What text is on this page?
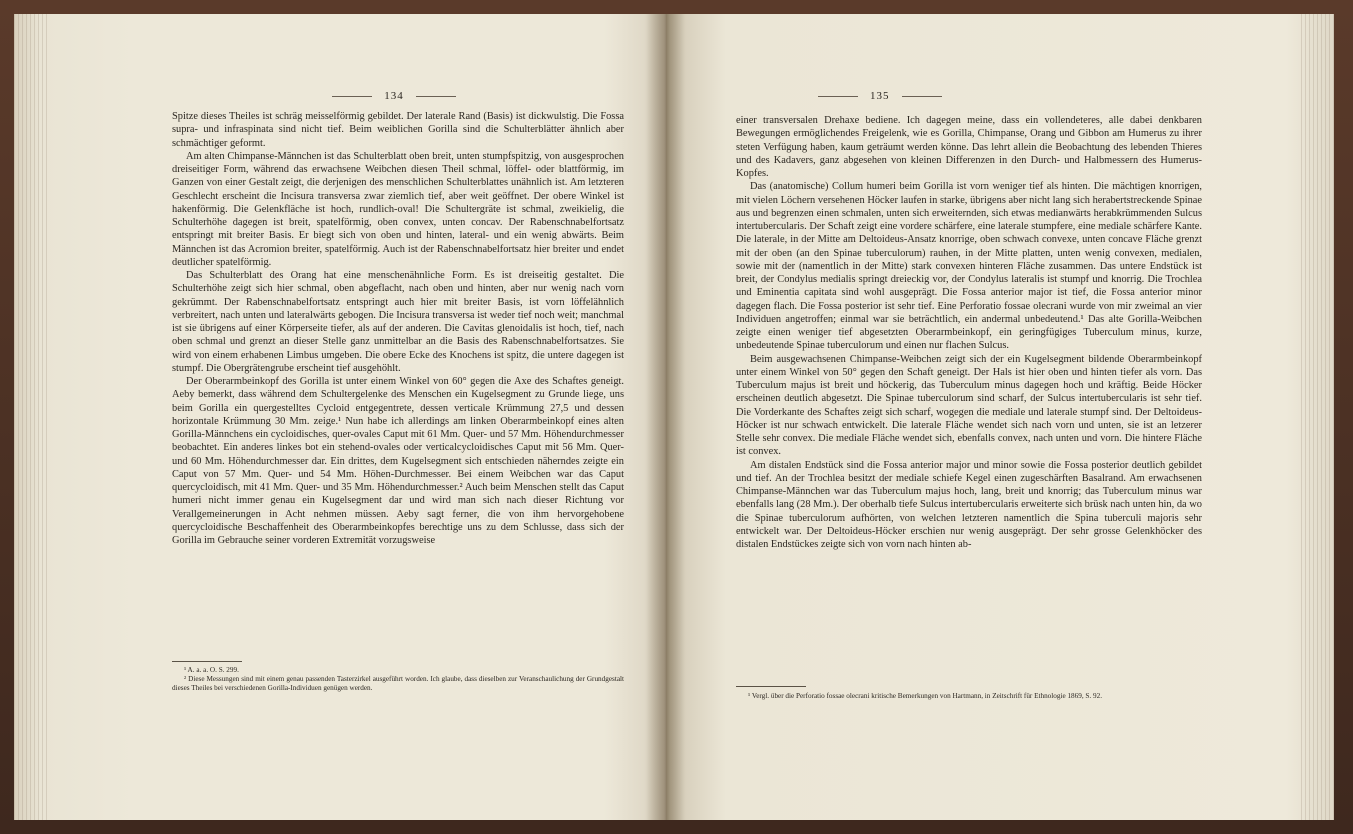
134

Spitze dieses Theiles ist schräg meisselförmig gebildet. Der laterale Rand (Basis) ist dickwulstig. Die Fossa supra- und infraspinata sind nicht tief. Beim weiblichen Gorilla sind die Schulterblätter ähnlich aber schmächtiger geformt.

Am alten Chimpanse-Männchen ist das Schulterblatt oben breit, unten stumpfspitzig, von ausgesprochen dreiseitiger Form, während das erwachsene Weibchen diesen Theil schmal, löffel- oder blattförmig, im Ganzen von einer Gestalt zeigt, die derjenigen des menschlichen Schulterblattes unähnlich ist. Am letzteren Geschlecht erscheint die Incisura transversa zwar ziemlich tief, aber weit geöffnet. Der obere Winkel ist hakenförmig. Die Gelenkfläche ist hoch, rundlich-oval! Die Schultergräte ist schmal, zweikielig, die Schulterhöhe dagegen ist breit, spatelförmig, oben convex, unten concav. Der Rabenschnabelfortsatz entspringt mit breiter Basis. Er biegt sich von oben und hinten, lateral- und ein wenig abwärts. Beim Männchen ist das Acromion breiter, spatelförmig. Auch ist der Rabenschnabelfortsatz hier breiter und endet deutlicher spatelförmig.

Das Schulterblatt des Orang hat eine menschenähnliche Form. Es ist dreiseitig gestaltet. Die Schulterhöhe zeigt sich hier schmal, oben abgeflacht, nach oben und hinten, aber nur wenig nach vorn gekrümmt. Der Rabenschnabelfortsatz entspringt auch hier mit breiter Basis, ist vorn löffelähnlich verbreitert, nach unten und lateralwärts gebogen. Die Incisura transversa ist weder tief noch weit; manchmal ist sie übrigens auf einer Körperseite tiefer, als auf der anderen. Die Cavitas glenoidalis ist hoch, tief, nach oben schmal und grenzt an dieser Stelle ganz unmittelbar an die Basis des Rabenschnabelfortsatzes. Sie wird von einem erhabenen Limbus umgeben. Die obere Ecke des Knochens ist spitz, die untere dagegen ist stumpf. Die Obergrätengrube erscheint tief ausgehöhlt.

Der Oberarmbeinkopf des Gorilla ist unter einem Winkel von 60° gegen die Axe des Schaftes geneigt. Aeby bemerkt, dass während dem Schultergelenke des Menschen ein Kugelsegment zu Grunde liege, uns beim Gorilla ein quergestelltes Cycloid entgegentrete, dessen verticale Krümmung 27,5 und dessen horizontale Krümmung 30 Mm. zeige.¹ Nun habe ich allerdings am linken Oberarmbeinkopf eines alten Gorilla-Männchens ein cycloidisches, quer-ovales Caput mit 61 Mm. Quer- und 57 Mm. Höhendurchmesser beobachtet. Ein anderes linkes bot ein stehend-ovales oder verticalcycloidisches Caput mit 56 Mm. Quer- und 60 Mm. Höhendurchmesser dar. Ein drittes, dem Kugelsegment sich entschieden näherndes zeigte ein Caput von 57 Mm. Quer- und 54 Mm. Höhen-Durchmesser. Bei einem Weibchen war das Caput quercycloidisch, mit 41 Mm. Quer- und 35 Mm. Höhendurchmesser.² Auch beim Menschen stellt das Caput humeri nicht immer genau ein Kugelsegment dar und wird man sich nach dieser Richtung vor Verallgemeinerungen in Acht nehmen müssen. Aeby sagt ferner, die von ihm hervorgehobene quercycloidische Beschaffenheit des Oberarmbeinkopfes berechtige uns zu dem Schlusse, dass sich der Gorilla im Gebrauche seiner vorderen Extremität vorzugsweise

¹ A. a. a. O. S. 299.

² Diese Messungen sind mit einem genau passenden Tasterzirkel ausgeführt worden. Ich glaube, dass dieselben zur Veranschaulichung der Grundgestalt dieses Theiles bei verschiedenen Gorilla-Individuen genügen werden.

135

einer transversalen Drehaxe bediene. Ich dagegen meine, dass ein vollendeteres, alle dabei denkbaren Bewegungen ermöglichendes Freigelenk, wie es Gorilla, Chimpanse, Orang und Gibbon am Humerus zu ihrer steten Verfügung haben, kaum geträumt werden könne. Das lehrt allein die Beobachtung des lebenden Thieres und des Kadavers, ganz abgesehen von kleinen Differenzen in den Durch- und Halbmessern des Humerus-Kopfes.

Das (anatomische) Collum humeri beim Gorilla ist vorn weniger tief als hinten. Die mächtigen knorrigen, mit vielen Löchern versehenen Höcker laufen in starke, übrigens aber nicht lang sich herabertstreckende Spinae aus und begrenzen einen schmalen, unten sich erweiternden, sich etwas medianwärts herabkrümmenden Sulcus intertubercularis. Der Schaft zeigt eine vordere schärfere, eine laterale stumpfere, eine mediale schärfere Kante. Die laterale, in der Mitte am Deltoideus-Ansatz knorrige, oben schwach convexe, unten concave Fläche grenzt mit der oben (an den Spinae tuberculorum) rauhen, in der Mitte platten, unten wenig convexen, medialen, sowie mit der (namentlich in der Mitte) stark convexen hinteren Fläche zusammen. Das untere Endstück ist breit, der Condylus medialis springt dreieckig vor, der Condylus lateralis ist stumpf und knorrig. Die Trochlea und Eminentia capitata sind wohl ausgeprägt. Die Fossa anterior major ist tief, die Fossa anterior minor dagegen flach. Die Fossa posterior ist sehr tief. Eine Perforatio fossae olecrani wurde von mir zweimal an vier Individuen angetroffen; einmal war sie beträchtlich, ein andermal unbedeutend.¹ Das alte Gorilla-Weibchen zeigte einen weniger tief abgesetzten Oberarmbeinkopf, ein geringfügiges Tuberculum minus, kurze, unbedeutende Spinae tuberculorum und einen nur flachen Sulcus.

Beim ausgewachsenen Chimpanse-Weibchen zeigt sich der ein Kugelsegment bildende Oberarmbeinkopf unter einem Winkel von 50° gegen den Schaft geneigt. Der Hals ist hier oben und hinten tiefer als vorn. Das Tuberculum majus ist breit und höckerig, das Tuberculum minus dagegen hoch und kräftig. Beide Höcker erscheinen deutlich abgesetzt. Die Spinae tuberculorum sind scharf, der Sulcus intertubercularis ist sehr tief. Die Vorderkante des Schaftes zeigt sich scharf, wogegen die mediale und laterale stumpf sind. Der Deltoideus-Höcker ist nur schwach entwickelt. Die laterale Fläche wendet sich nach vorn und unten, sie ist an letzerer Stelle sehr convex. Die mediale Fläche wendet sich, ebenfalls convex, nach unten und vorn. Die hintere Fläche ist convex.

Am distalen Endstück sind die Fossa anterior major und minor sowie die Fossa posterior deutlich gebildet und tief. An der Trochlea besitzt der mediale schiefe Kegel einen zugeschärften Basalrand. Am erwachsenen Chimpanse-Männchen war das Tuberculum majus hoch, lang, breit und knorrig; das Tuberculum minus war ebenfalls lang (28 Mm.). Der oberhalb tiefe Sulcus intertubercularis erweiterte sich brüsk nach unten hin, da wo die Spinae tuberculorum aufhörten, von welchen letzteren namentlich die Spina tuberculi majoris sehr entwickelt war. Der Deltoideus-Höcker erschien nur wenig ausgeprägt. Der sehr grosse Gelenkhöcker des distalen Endstückes zeigte sich von vorn nach hinten ab-

¹ Vergl. über die Perforatio fossae olecrani kritische Bemerkungen von Hartmann, in Zeitschrift für Ethnologie 1869, S. 92.
